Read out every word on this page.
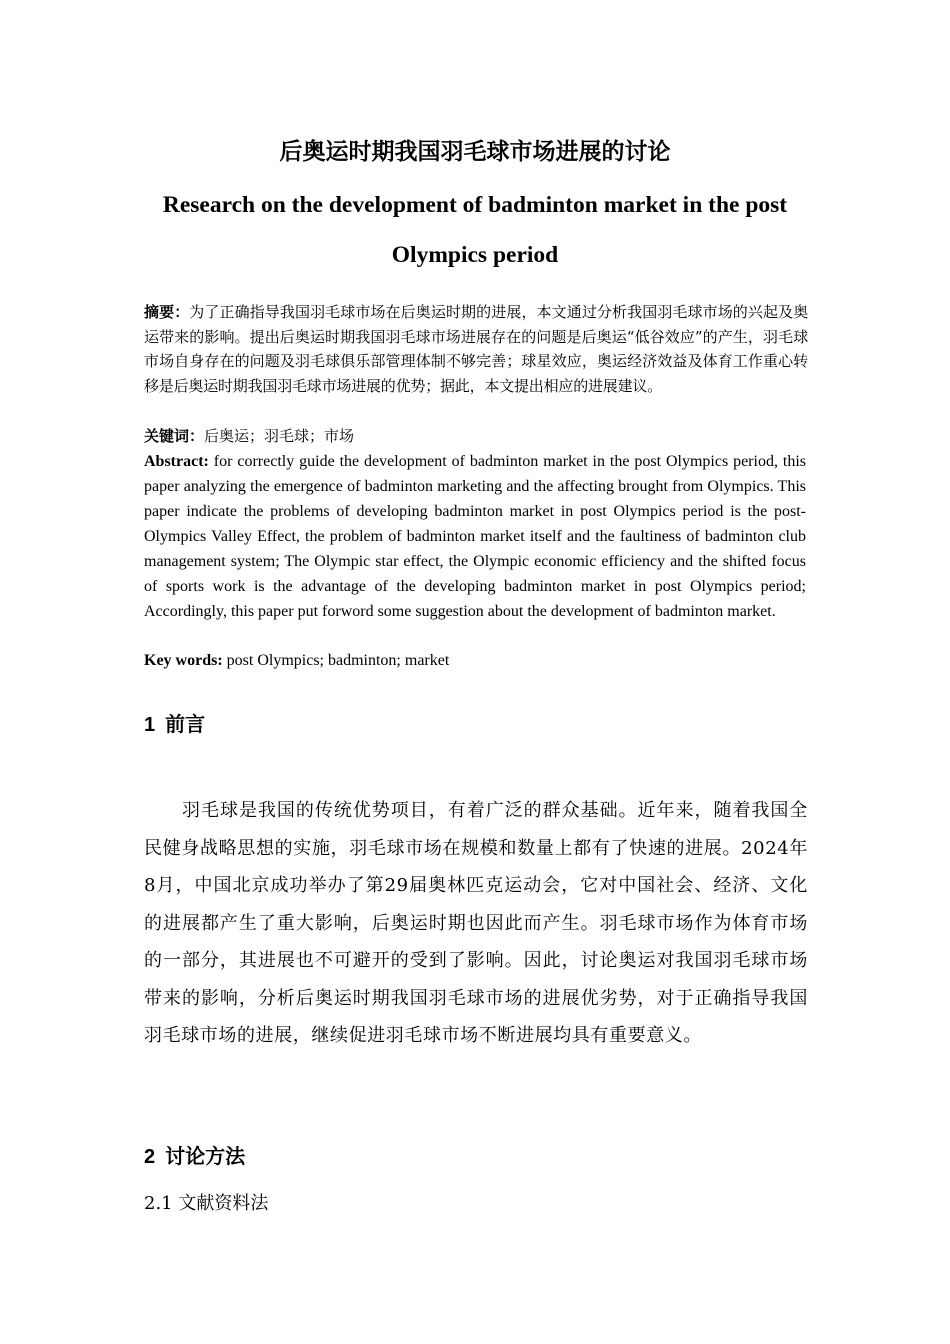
后奥运时期我国羽毛球市场进展的讨论
Research on the development of badminton market in the post Olympics period
摘要：为了正确指导我国羽毛球市场在后奥运时期的进展，本文通过分析我国羽毛球市场的兴起及奥运带来的影响。提出后奥运时期我国羽毛球市场进展存在的问题是后奥运“低谷效应”的产生，羽毛球市场自身存在的问题及羽毛球俱乐部管理体制不够完善；球星效应，奥运经济效益及体育工作重心转移是后奥运时期我国羽毛球市场进展的优势；据此，本文提出相应的进展建议。
关键词：后奥运；羽毛球；市场
Abstract: for correctly guide the development of badminton market in the post Olympics period, this paper analyzing the emergence of badminton marketing and the affecting brought from Olympics. This paper indicate the problems of developing badminton market in post Olympics period is the post-Olympics Valley Effect, the problem of badminton market itself and the faultiness of badminton club management system; The Olympic star effect, the Olympic economic efficiency and the shifted focus of sports work is the advantage of the developing badminton market in post Olympics period; Accordingly, this paper put forword some suggestion about the development of badminton market.
Key words: post Olympics; badminton; market
1 前言
羽毛球是我国的传统优势项目，有着广泛的群众基础。近年来，随着我国全民健身战略思想的实施，羽毛球市场在规模和数量上都有了快速的进展。2024年8月，中国北京成功举办了第29届奥林匹克运动会，它对中国社会、经济、文化的进展都产生了重大影响，后奥运时期也因此而产生。羽毛球市场作为体育市场的一部分，其进展也不可避开的受到了影响。因此，讨论奥运对我国羽毛球市场带来的影响，分析后奥运时期我国羽毛球市场的进展优劣势，对于正确指导我国羽毛球市场的进展，继续促进羽毛球市场不断进展均具有重要意义。
2 讨论方法
2.1 文献资料法
